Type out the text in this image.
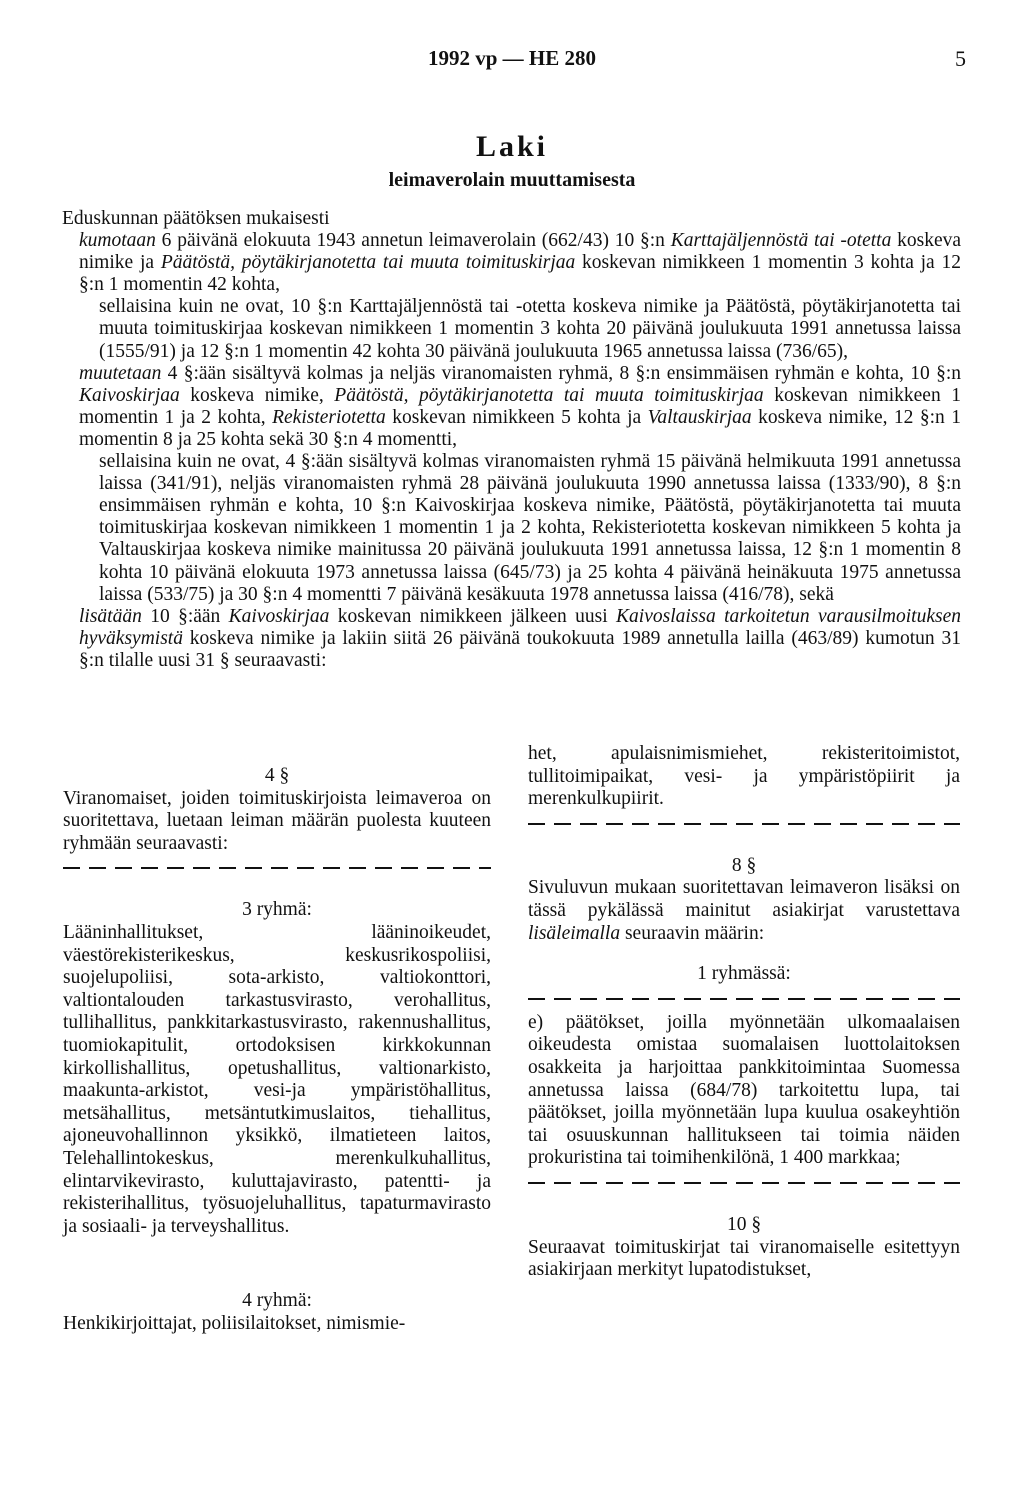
1992 vp — HE 280	5
Laki
leimaverolain muuttamisesta

Eduskunnan päätöksen mukaisesti

kumotaan 6 päivänä elokuuta 1943 annetun leimaverolain (662/43) 10 §:n Karttajäljennöstä tai -otetta koskeva nimike ja Päätöstä, pöytäkirjanotetta tai muuta toimituskirjaa koskevan nimikkeen 1 momentin 3 kohta ja 12 §:n 1 momentin 42 kohta,

sellaisina kuin ne ovat, 10 §:n Karttajäljennöstä tai -otetta koskeva nimike ja Päätöstä, pöytäkirjanotetta tai muuta toimituskirjaa koskevan nimikkeen 1 momentin 3 kohta 20 päivänä joulukuuta 1991 annetussa laissa (1555/91) ja 12 §:n 1 momentin 42 kohta 30 päivänä joulukuuta 1965 annetussa laissa (736/65),

muutetaan 4 §:ään sisältyvä kolmas ja neljäs viranomaisten ryhmä, 8 §:n ensimmäisen ryhmän e kohta, 10 §:n Kaivoskirjaa koskeva nimike, Päätöstä, pöytäkirjanotetta tai muuta toimituskirjaa koskevan nimikkeen 1 momentin 1 ja 2 kohta, Rekisteriotetta koskevan nimikkeen 5 kohta ja Valtauskirjaa koskeva nimike, 12 §:n 1 momentin 8 ja 25 kohta sekä 30 §:n 4 momentti,

sellaisina kuin ne ovat, 4 §:ään sisältyvä kolmas viranomaisten ryhmä 15 päivänä helmikuuta 1991 annetussa laissa (341/91), neljäs viranomaisten ryhmä 28 päivänä joulukuuta 1990 annetussa laissa (1333/90), 8 §:n ensimmäisen ryhmän e kohta, 10 §:n Kaivoskirjaa koskeva nimike, Päätöstä, pöytäkirjanotetta tai muuta toimituskirjaa koskevan nimikkeen 1 momentin 1 ja 2 kohta, Rekisteriotetta koskevan nimikkeen 5 kohta ja Valtauskirjaa koskeva nimike mainitussa 20 päivänä joulukuuta 1991 annetussa laissa, 12 §:n 1 momentin 8 kohta 10 päivänä elokuuta 1973 annetussa laissa (645/73) ja 25 kohta 4 päivänä heinäkuuta 1975 annetussa laissa (533/75) ja 30 §:n 4 momentti 7 päivänä kesäkuuta 1978 annetussa laissa (416/78), sekä

lisätään 10 §:ään Kaivoskirjaa koskevan nimikkeen jälkeen uusi Kaivoslaissa tarkoitetun varausilmoituksen hyväksymistä koskeva nimike ja lakiin siitä 26 päivänä toukokuuta 1989 annetulla lailla (463/89) kumotun 31 §:n tilalle uusi 31 § seuraavasti:

4 §

Viranomaiset, joiden toimituskirjoista leimaveroa on suoritettava, luetaan leiman määrän puolesta kuuteen ryhmään seuraavasti:

3 ryhmä:

Lääninhallitukset, lääninoikeudet, väestörekisterikeskus, keskusrikospoliisi, suojelupoliisi, sota-arkisto, valtiokonttori, valtiontalouden tarkastusvirasto, verohallitus, tullihallitus, pankkitarkastusvirasto, rakennushallitus, tuomiokapitulit, ortodoksisen kirkkokunnan kirkollishallitus, opetushallitus, valtionarkisto, maakunta-arkistot, vesi-ja ympäristöhallitus, metsähallitus, metsäntutkimuslaitos, tiehallitus, ajoneuvohallinnon yksikkö, ilmatieteen laitos, Telehallintokeskus, merenkulkuhallitus, elintarvikevirasto, kuluttajavirasto, patentti- ja rekisterihallitus, työsuojeluhallitus, tapaturmavirasto ja sosiaali- ja terveyshallitus.

4 ryhmä:

Henkikirjoittajat, poliisilaitokset, nimismie-

het, apulaisnimismiehet, rekisteritoimistot, tullitoimipaikat, vesi- ja ympäristöpiirit ja merenkulkupiirit.

8 §

Sivuluvun mukaan suoritettavan leimaveron lisäksi on tässä pykälässä mainitut asiakirjat varustettava lisäleimalla seuraavin määrin:

1 ryhmässä:

e) päätökset, joilla myönnetään ulkomaalaisen oikeudesta omistaa suomalaisen luottolaitoksen osakkeita ja harjoittaa pankkitoimintaa Suomessa annetussa laissa (684/78) tarkoitettu lupa, tai päätökset, joilla myönnetään lupa kuulua osakeyhtiön tai osuuskunnan hallitukseen tai toimia näiden prokuristina tai toimihenkilönä, 1 400 markkaa;

10 §

Seuraavat toimituskirjat tai viranomaiselle esitettyyn asiakirjaan merkityt lupatodistukset,
